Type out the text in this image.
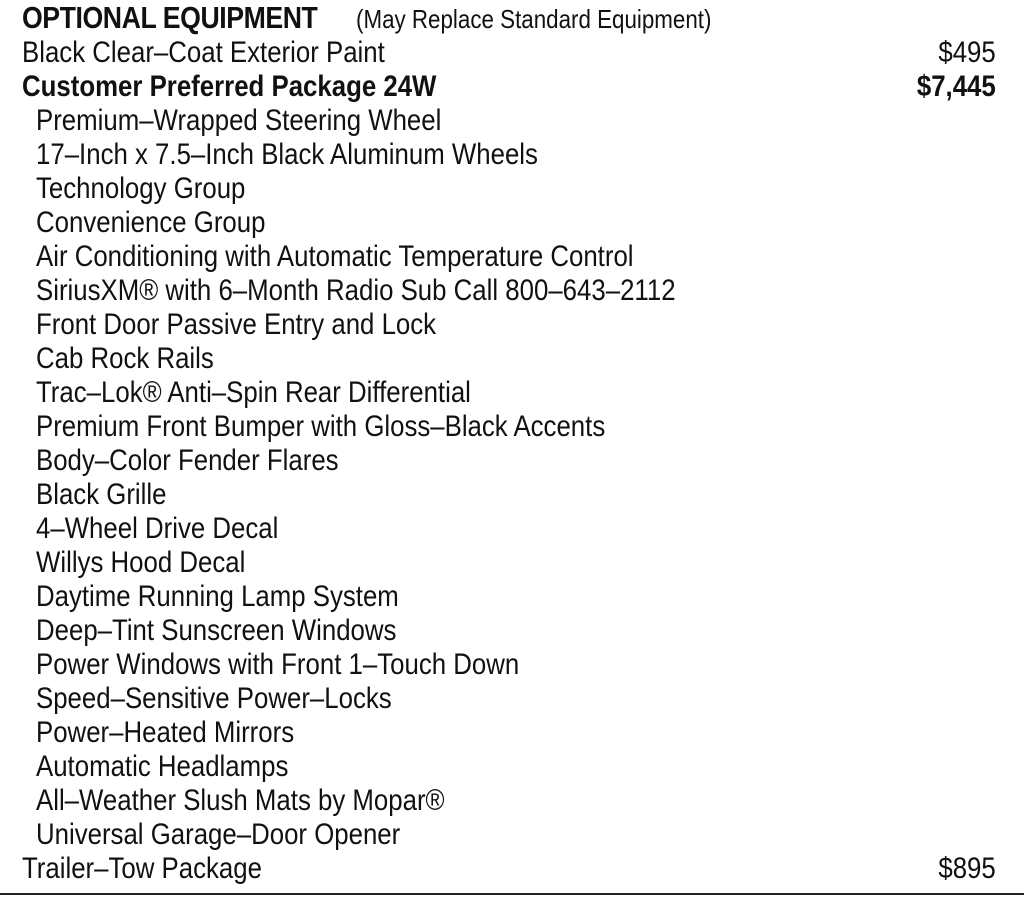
OPTIONAL EQUIPMENT (May Replace Standard Equipment)
Black Clear–Coat Exterior Paint	$495
Customer Preferred Package 24W	$7,445
Premium–Wrapped Steering Wheel
17–Inch x 7.5–Inch Black Aluminum Wheels
Technology Group
Convenience Group
Air Conditioning with Automatic Temperature Control
SiriusXM® with 6–Month Radio Sub Call 800–643–2112
Front Door Passive Entry and Lock
Cab Rock Rails
Trac–Lok® Anti–Spin Rear Differential
Premium Front Bumper with Gloss–Black Accents
Body–Color Fender Flares
Black Grille
4–Wheel Drive Decal
Willys Hood Decal
Daytime Running Lamp System
Deep–Tint Sunscreen Windows
Power Windows with Front 1–Touch Down
Speed–Sensitive Power–Locks
Power–Heated Mirrors
Automatic Headlamps
All–Weather Slush Mats by Mopar®
Universal Garage–Door Opener
Trailer–Tow Package	$895
